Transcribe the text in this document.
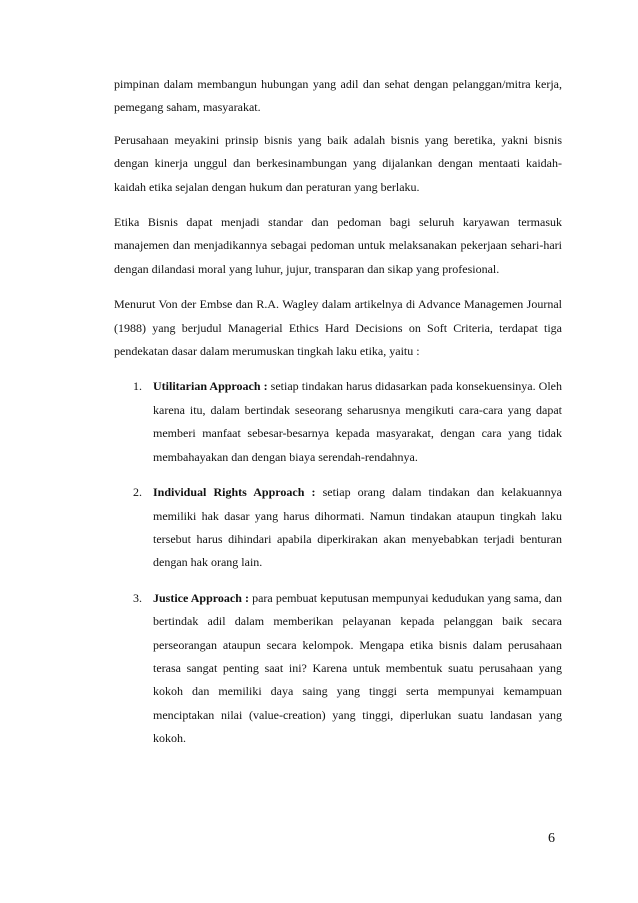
pimpinan dalam membangun hubungan yang adil dan sehat dengan pelanggan/mitra kerja, pemegang saham, masyarakat.

Perusahaan meyakini prinsip bisnis yang baik adalah bisnis yang beretika, yakni bisnis dengan kinerja unggul dan berkesinambungan yang dijalankan dengan mentaati kaidah-kaidah etika sejalan dengan hukum dan peraturan yang berlaku.

Etika Bisnis dapat menjadi standar dan pedoman bagi seluruh karyawan termasuk manajemen dan menjadikannya sebagai pedoman untuk melaksanakan pekerjaan sehari-hari dengan dilandasi moral yang luhur, jujur, transparan dan sikap yang profesional.

Menurut Von der Embse dan R.A. Wagley dalam artikelnya di Advance Managemen Journal (1988) yang berjudul Managerial Ethics Hard Decisions on Soft Criteria, terdapat tiga pendekatan dasar dalam merumuskan tingkah laku etika, yaitu :

1. Utilitarian Approach : setiap tindakan harus didasarkan pada konsekuensinya. Oleh karena itu, dalam bertindak seseorang seharusnya mengikuti cara-cara yang dapat memberi manfaat sebesar-besarnya kepada masyarakat, dengan cara yang tidak membahayakan dan dengan biaya serendah-rendahnya.
2. Individual Rights Approach : setiap orang dalam tindakan dan kelakuannya memiliki hak dasar yang harus dihormati. Namun tindakan ataupun tingkah laku tersebut harus dihindari apabila diperkirakan akan menyebabkan terjadi benturan dengan hak orang lain.
3. Justice Approach : para pembuat keputusan mempunyai kedudukan yang sama, dan bertindak adil dalam memberikan pelayanan kepada pelanggan baik secara perseorangan ataupun secara kelompok. Mengapa etika bisnis dalam perusahaan terasa sangat penting saat ini? Karena untuk membentuk suatu perusahaan yang kokoh dan memiliki daya saing yang tinggi serta mempunyai kemampuan menciptakan nilai (value-creation) yang tinggi, diperlukan suatu landasan yang kokoh.
6
